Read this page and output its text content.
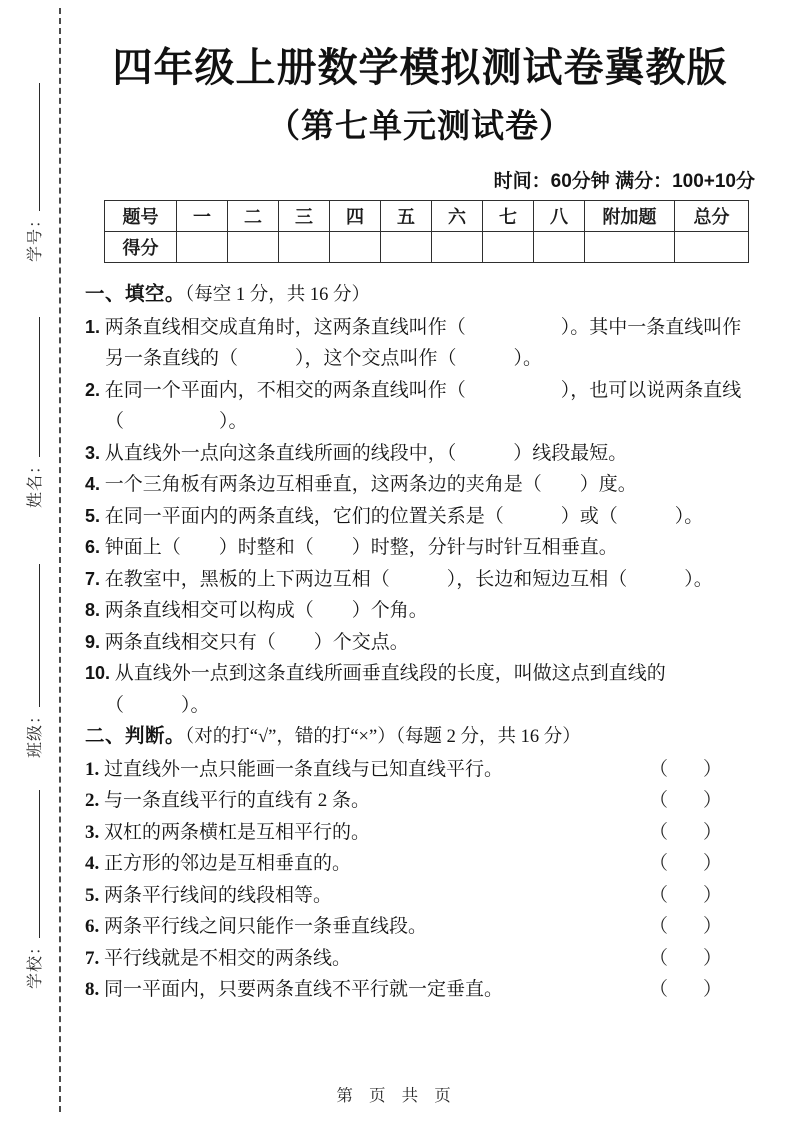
学号：
姓名：
班级：
学校：
四年级上册数学模拟测试卷冀教版
（第七单元测试卷）
时间：60分钟 满分：100+10分
题号	一	二	三	四	五	六	七	八	附加题	总分
得分										
一、填空。（每空 1 分，共 16 分）
1. 两条直线相交成直角时，这两条直线叫作（　　　　　）。其中一条直线叫作另一条直线的（　　　），这个交点叫作（　　　）。
2. 在同一个平面内，不相交的两条直线叫作（　　　　　），也可以说两条直线（　　　　　）。
3. 从直线外一点向这条直线所画的线段中，（　　　）线段最短。
4. 一个三角板有两条边互相垂直，这两条边的夹角是（　　）度。
5. 在同一平面内的两条直线，它们的位置关系是（　　　）或（　　　）。
6. 钟面上（　　）时整和（　　）时整，分针与时针互相垂直。
7. 在教室中，黑板的上下两边互相（　　　），长边和短边互相（　　　）。
8. 两条直线相交可以构成（　　）个角。
9. 两条直线相交只有（　　）个交点。
10. 从直线外一点到这条直线所画垂直线段的长度，叫做这点到直线的（　　　）。
二、判断。（对的打“√”，错的打“×”）（每题 2 分，共 16 分）
1. 过直线外一点只能画一条直线与已知直线平行。	（　）
2. 与一条直线平行的直线有 2 条。	（　）
3. 双杠的两条横杠是互相平行的。	（　）
4. 正方形的邻边是互相垂直的。	（　）
5. 两条平行线间的线段相等。	（　）
6. 两条平行线之间只能作一条垂直线段。	（　）
7. 平行线就是不相交的两条线。	（　）
8. 同一平面内，只要两条直线不平行就一定垂直。	（　）
第 页 共 页
